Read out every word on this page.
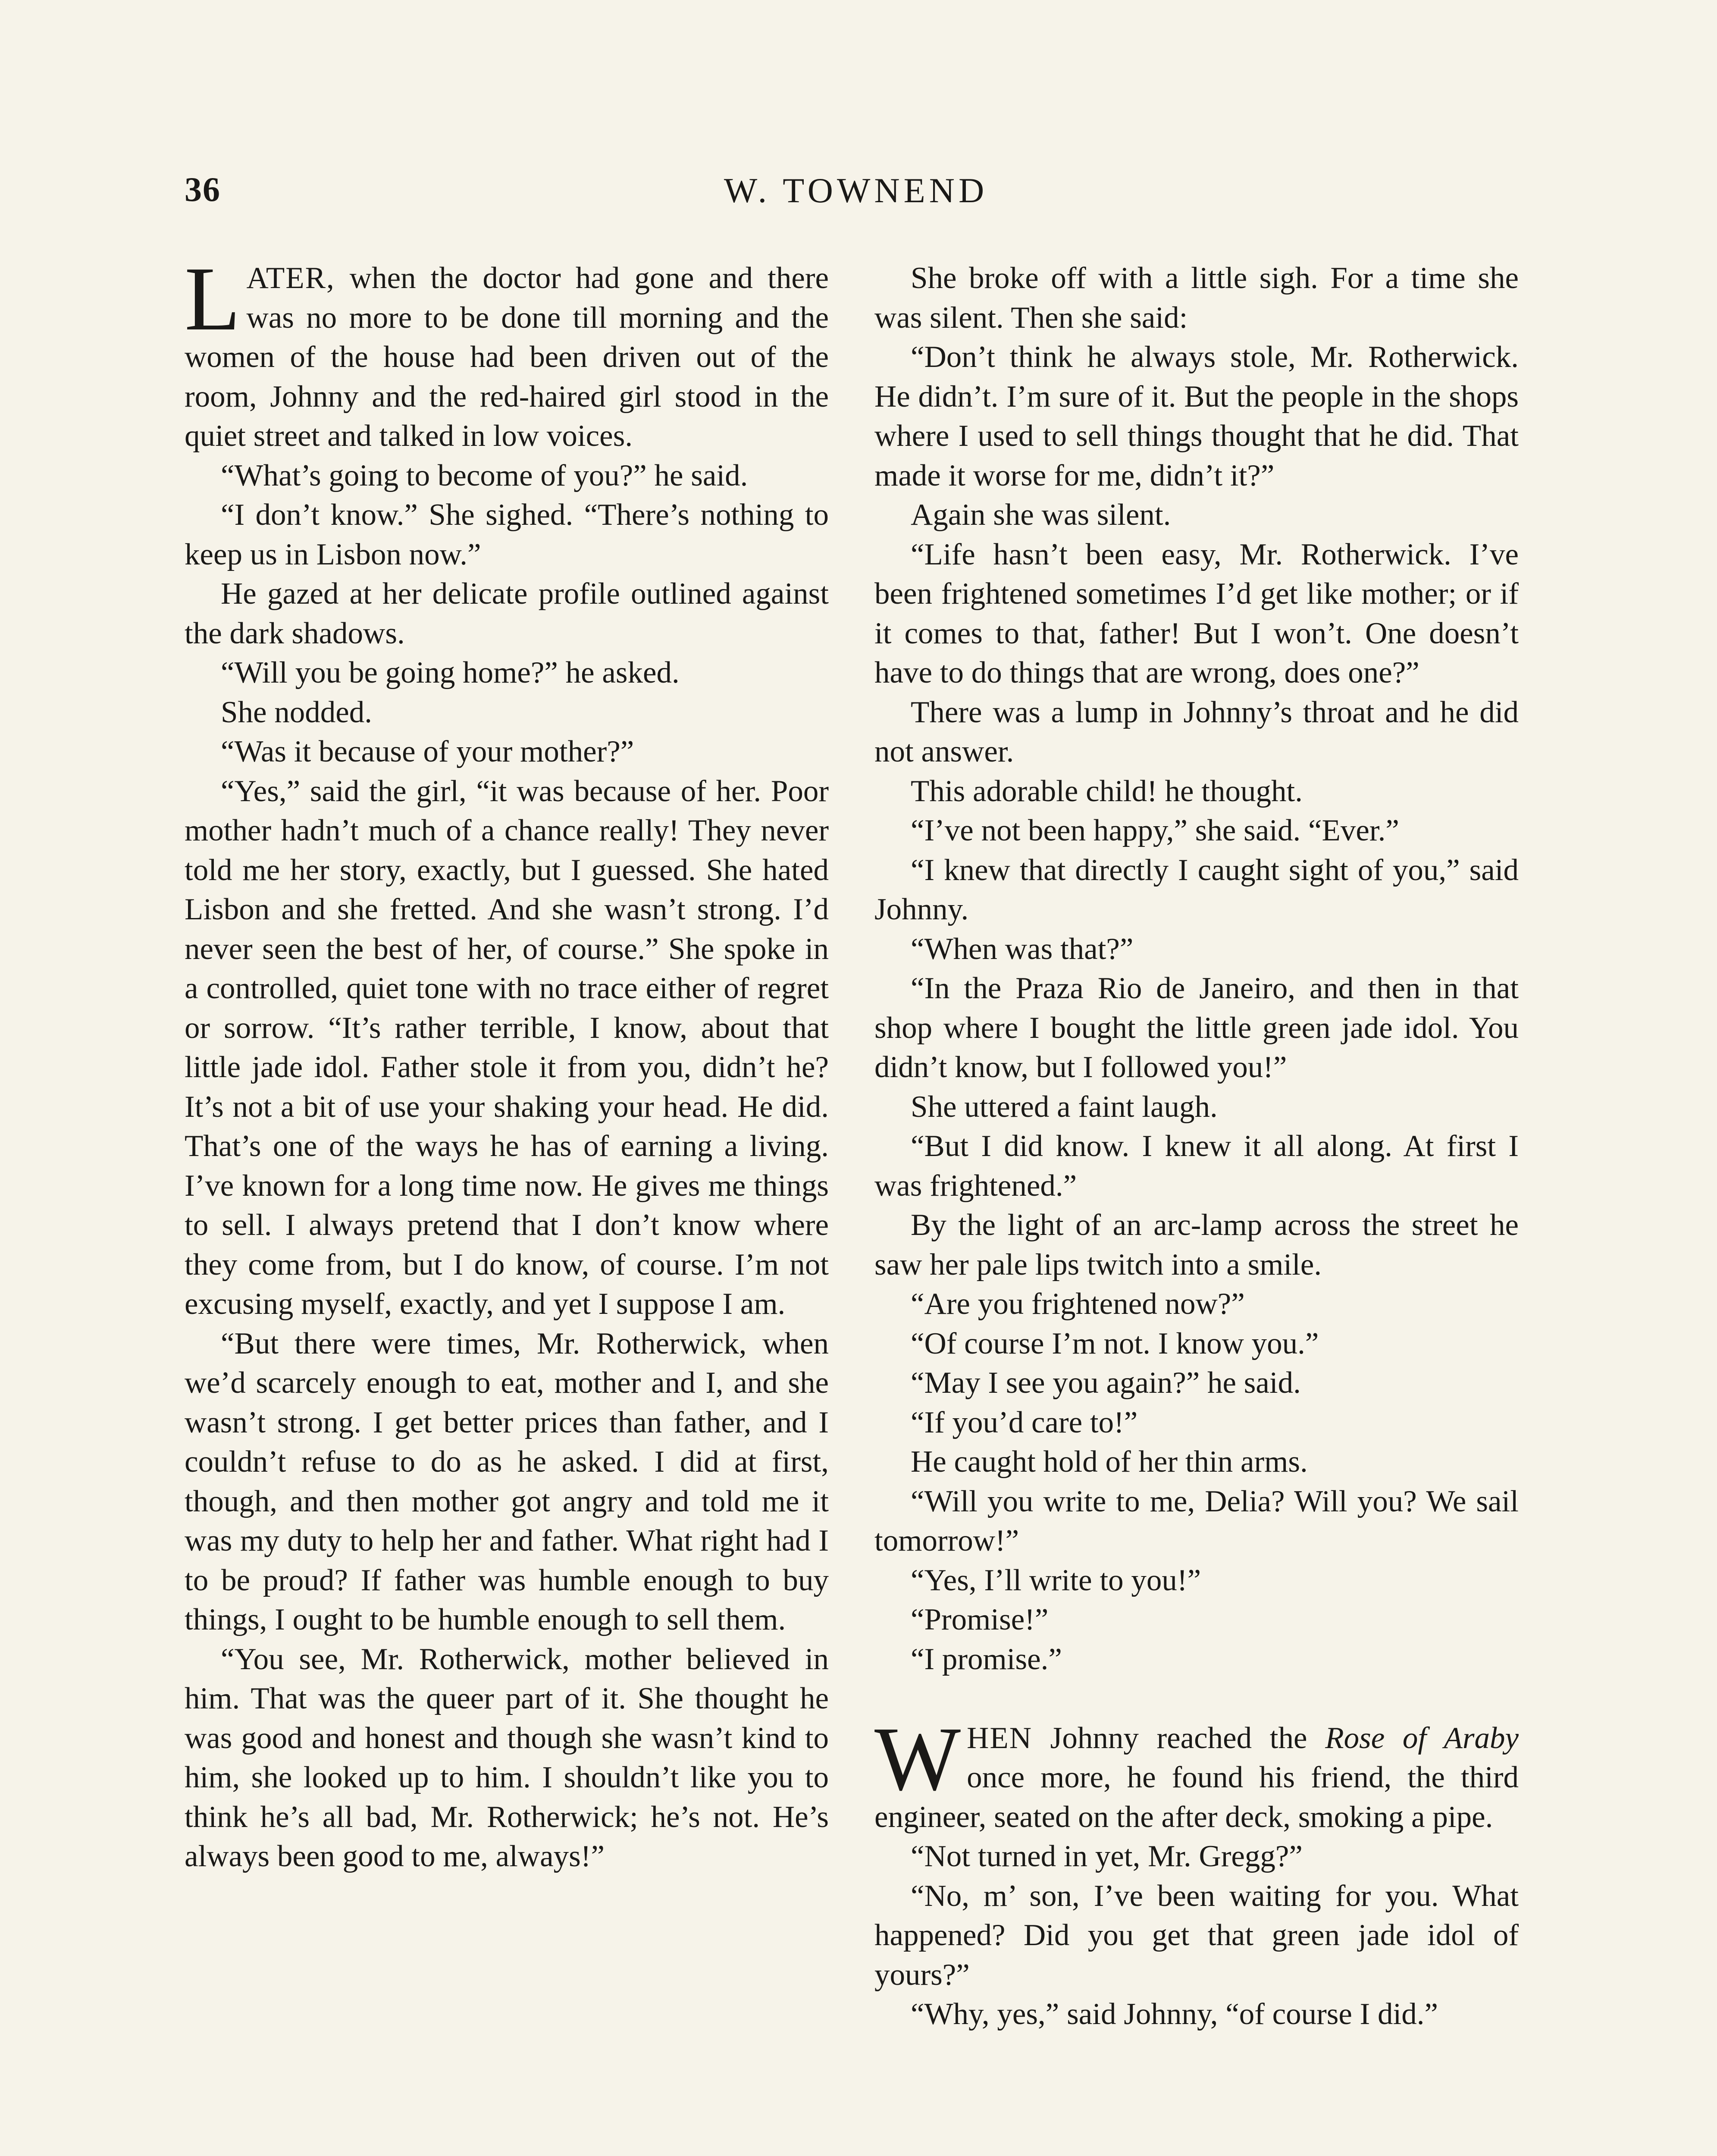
36	W. TOWNEND

LATER, when the doctor had gone and there was no more to be done till morning and the women of the house had been driven out of the room, Johnny and the red-haired girl stood in the quiet street and talked in low voices.

“What’s going to become of you?” he said.

“I don’t know.” She sighed. “There’s nothing to keep us in Lisbon now.”

He gazed at her delicate profile outlined against the dark shadows.

“Will you be going home?” he asked.

She nodded.

“Was it because of your mother?”

“Yes,” said the girl, “it was because of her. Poor mother hadn’t much of a chance really! They never told me her story, exactly, but I guessed. She hated Lisbon and she fretted. And she wasn’t strong. I’d never seen the best of her, of course.” She spoke in a controlled, quiet tone with no trace either of regret or sorrow. “It’s rather terrible, I know, about that little jade idol. Father stole it from you, didn’t he? It’s not a bit of use your shaking your head. He did. That’s one of the ways he has of earning a living. I’ve known for a long time now. He gives me things to sell. I always pretend that I don’t know where they come from, but I do know, of course. I’m not excusing myself, exactly, and yet I suppose I am.

“But there were times, Mr. Rotherwick, when we’d scarcely enough to eat, mother and I, and she wasn’t strong. I get better prices than father, and I couldn’t refuse to do as he asked. I did at first, though, and then mother got angry and told me it was my duty to help her and father. What right had I to be proud? If father was humble enough to buy things, I ought to be humble enough to sell them.

“You see, Mr. Rotherwick, mother believed in him. That was the queer part of it. She thought he was good and honest and though she wasn’t kind to him, she looked up to him. I shouldn’t like you to think he’s all bad, Mr. Rotherwick; he’s not. He’s always been good to me, always!”

She broke off with a little sigh. For a time she was silent. Then she said:

“Don’t think he always stole, Mr. Rotherwick. He didn’t. I’m sure of it. But the people in the shops where I used to sell things thought that he did. That made it worse for me, didn’t it?”

Again she was silent.

“Life hasn’t been easy, Mr. Rotherwick. I’ve been frightened sometimes I’d get like mother; or if it comes to that, father! But I won’t. One doesn’t have to do things that are wrong, does one?”

There was a lump in Johnny’s throat and he did not answer.

This adorable child! he thought.

“I’ve not been happy,” she said. “Ever.”

“I knew that directly I caught sight of you,” said Johnny.

“When was that?”

“In the Praza Rio de Janeiro, and then in that shop where I bought the little green jade idol. You didn’t know, but I followed you!”

She uttered a faint laugh.

“But I did know. I knew it all along. At first I was frightened.”

By the light of an arc-lamp across the street he saw her pale lips twitch into a smile.

“Are you frightened now?”

“Of course I’m not. I know you.”

“May I see you again?” he said.

“If you’d care to!”

He caught hold of her thin arms.

“Will you write to me, Delia? Will you? We sail tomorrow!”

“Yes, I’ll write to you!”

“Promise!”

“I promise.”

WHEN Johnny reached the Rose of Araby once more, he found his friend, the third engineer, seated on the after deck, smoking a pipe.

“Not turned in yet, Mr. Gregg?”

“No, m’ son, I’ve been waiting for you. What happened? Did you get that green jade idol of yours?”

“Why, yes,” said Johnny, “of course I did.”
